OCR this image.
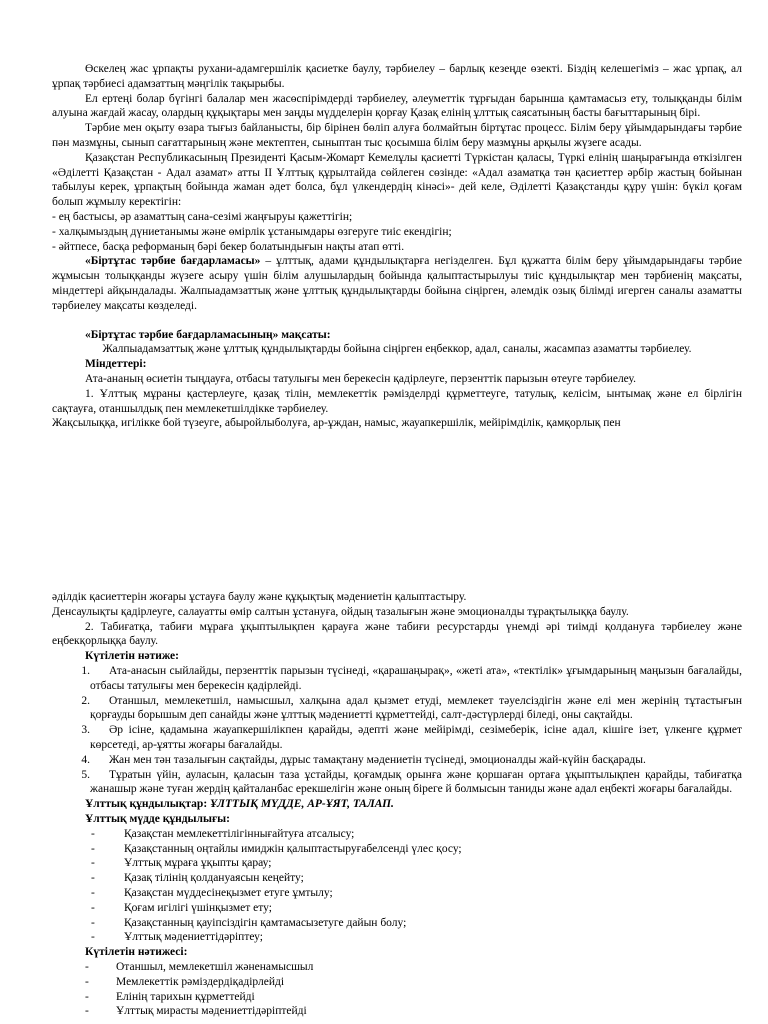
Өскелең жас ұрпақты рухани-адамгершілік қасиетке баулу, тәрбиелеу – барлық кезеңде өзекті. Біздің келешегіміз – жас ұрпақ, ал ұрпақ тәрбиесі адамзаттың мәңгілік тақырыбы.

Ел ертеңі болар бүгінгі балалар мен жасөспірімдерді тәрбиелеу, әлеуметтік тұрғыдан барынша қамтамасыз ету, толыққанды білім алуына жағдай жасау, олардың құқықтары мен заңды мүдделерін қорғау Қазақ елінің ұлттық саясатының басты бағыттарының бірі.

Тәрбие мен оқыту өзара тығыз байланысты, бір бірінен бөліп алуға болмайтын біртұтас процесс. Білім беру ұйымдарындағы тәрбие пән мазмұны, сынып сағаттарының және мектептен, сыныптан тыс қосымша білім беру мазмұны арқылы жүзеге асады.

Қазақстан Республикасының Президенті Қасым-Жомарт Кемелұлы қасиетті Түркістан қаласы, Түркі елінің шаңырағында өткізілген «Әділетті Қазақстан - Адал азамат» атты ІІ Ұлттық құрылтайда сөйлеген сөзінде: «Адал азаматқа тән қасиеттер әрбір жастың бойынан табылуы керек, ұрпақтың бойында жаман әдет болса, бұл үлкендердің кінәсі»- дей келе, Әділетті Қазақстанды құру үшін: бүкіл қоғам болып жұмылу керектігін:

- ең бастысы, әр азаматтың сана-сезімі жаңғыруы қажеттігін;

- халқымыздың дүниетанымы және өмірлік ұстанымдары өзгеруге тиіс екендігін;

- әйтпесе, басқа реформаның бәрі бекер болатындығын нақты атап өтті.

«Біртұтас тәрбие бағдарламасы» – ұлттық, адами құндылықтарға негізделген. Бұл құжатта білім беру ұйымдарындағы тәрбие жұмысын толыққанды жүзеге асыру үшін білім алушылардың бойында қалыптастырылуы тиіс құндылықтар мен тәрбиенің мақсаты, міндеттері айқындалады. Жалпыадамзаттық және ұлттық құндылықтарды бойына сіңірген, әлемдік озық білімді игерген саналы азаматты тәрбиелеу мақсаты көзделеді.

«Біртұтас тәрбие бағдарламасының» мақсаты:

Жалпыадамзаттық және ұлттық құндылықтарды бойына сіңірген еңбеккор, адал, саналы, жасампаз азаматты тәрбиелеу.

Міндеттері:

Ата-ананың өсиетін тыңдауға, отбасы татулығы мен берекесін қадірлеуге, перзенттік парызын өтеуге тәрбиелеу.

1. Ұлттық мұраны қастерлеуге, қазақ тілін, мемлекеттік рәмізделрді құрметтеуге, татулық, келісім, ынтымақ және ел бірлігін сақтауға, отаншылдық пен мемлекетшілдікке тәрбиелеу.

Жақсылыққа, игілікке бой түзеуге, абыройлыболуға, ар-ұждан, намыс, жауапкершілік, мейірімділік, қамқорлық пен

әділдік қасиеттерін жоғары ұстауға баулу және құқықтық мәдениетін қалыптастыру.

Денсаулықты қадірлеуге, салауатты өмір салтын ұстануға, ойдың тазалығын және эмоционалды тұрақтылыққа баулу.

2. Табиғатқа, табиғи мұраға ұқыптылықпен қарауға және табиғи ресурстарды үнемді әрі тиімді қолдануға тәрбиелеу және еңбекқорлыққа баулу.

Күтілетін нәтиже:

1.	Ата-анасын сыйлайды, перзенттік парызын түсінеді, «қарашаңырақ», «жеті ата», «тектілік» ұғымдарының маңызын бағалайды, отбасы татулығы мен берекесін қадірлейді.

2.	Отаншыл, мемлекетшіл, намысшыл, халқына адал қызмет етуді, мемлекет тәуелсіздігін және елі мен жерінің тұтастығын қорғауды борышым деп санайды және ұлттық мәдениетті құрметтейді, салт-дәстүрлерді біледі, оны сақтайды.

3.	Әр ісіне, қадамына жауапкершілікпен қарайды, әдепті және мейірімді, сезімеберік, ісіне адал, кішіге ізет, үлкенге құрмет көрсетеді, ар-ұятты жоғары бағалайды.

4.	Жан мен тән тазалығын сақтайды, дұрыс тамақтану мәдениетін түсінеді, эмоционалды жай-күйін басқарады.

5.	Тұратын үйін, ауласын, қаласын таза ұстайды, қоғамдық орынға және қоршаған ортаға ұқыптылықпен қарайды, табиғатқа жанашыр және туған жердің қайталанбас ерекшелігін және оның біреге й болмысын таниды және адал еңбекті жоғары бағалайды.

Ұлттық құндылықтар: ҰЛТТЫҚ МҮДДЕ, АР-ҰЯТ, ТАЛАП.

Ұлттық мүдде құндылығы:

-	Қазақстан мемлекеттілігіннығайтуға атсалысу;
-	Қазақстанның оңтайлы имиджін қалыптастыруғабелсенді үлес қосу;
-	Ұлттық мұраға ұқыпты қарау;
-	Қазақ тілінің қолдануаясын кеңейту;
-	Қазақстан мүддесінеқызмет етуге ұмтылу;
-	Қоғам игілігі үшінқызмет ету;
-	Қазақстанның қауіпсіздігін қамтамасызетуге дайын болу;
-	Ұлттық мәдениеттідәріптеу;

Күтілетін нәтижесі:

-	Отаншыл, мемлекетшіл жәненамысшыл
-	Мемлекеттік рәміздердіқадірлейді
-	Елінің тарихын құрметтейді
-	Ұлттық мирасты мәдениеттідәріптейді
